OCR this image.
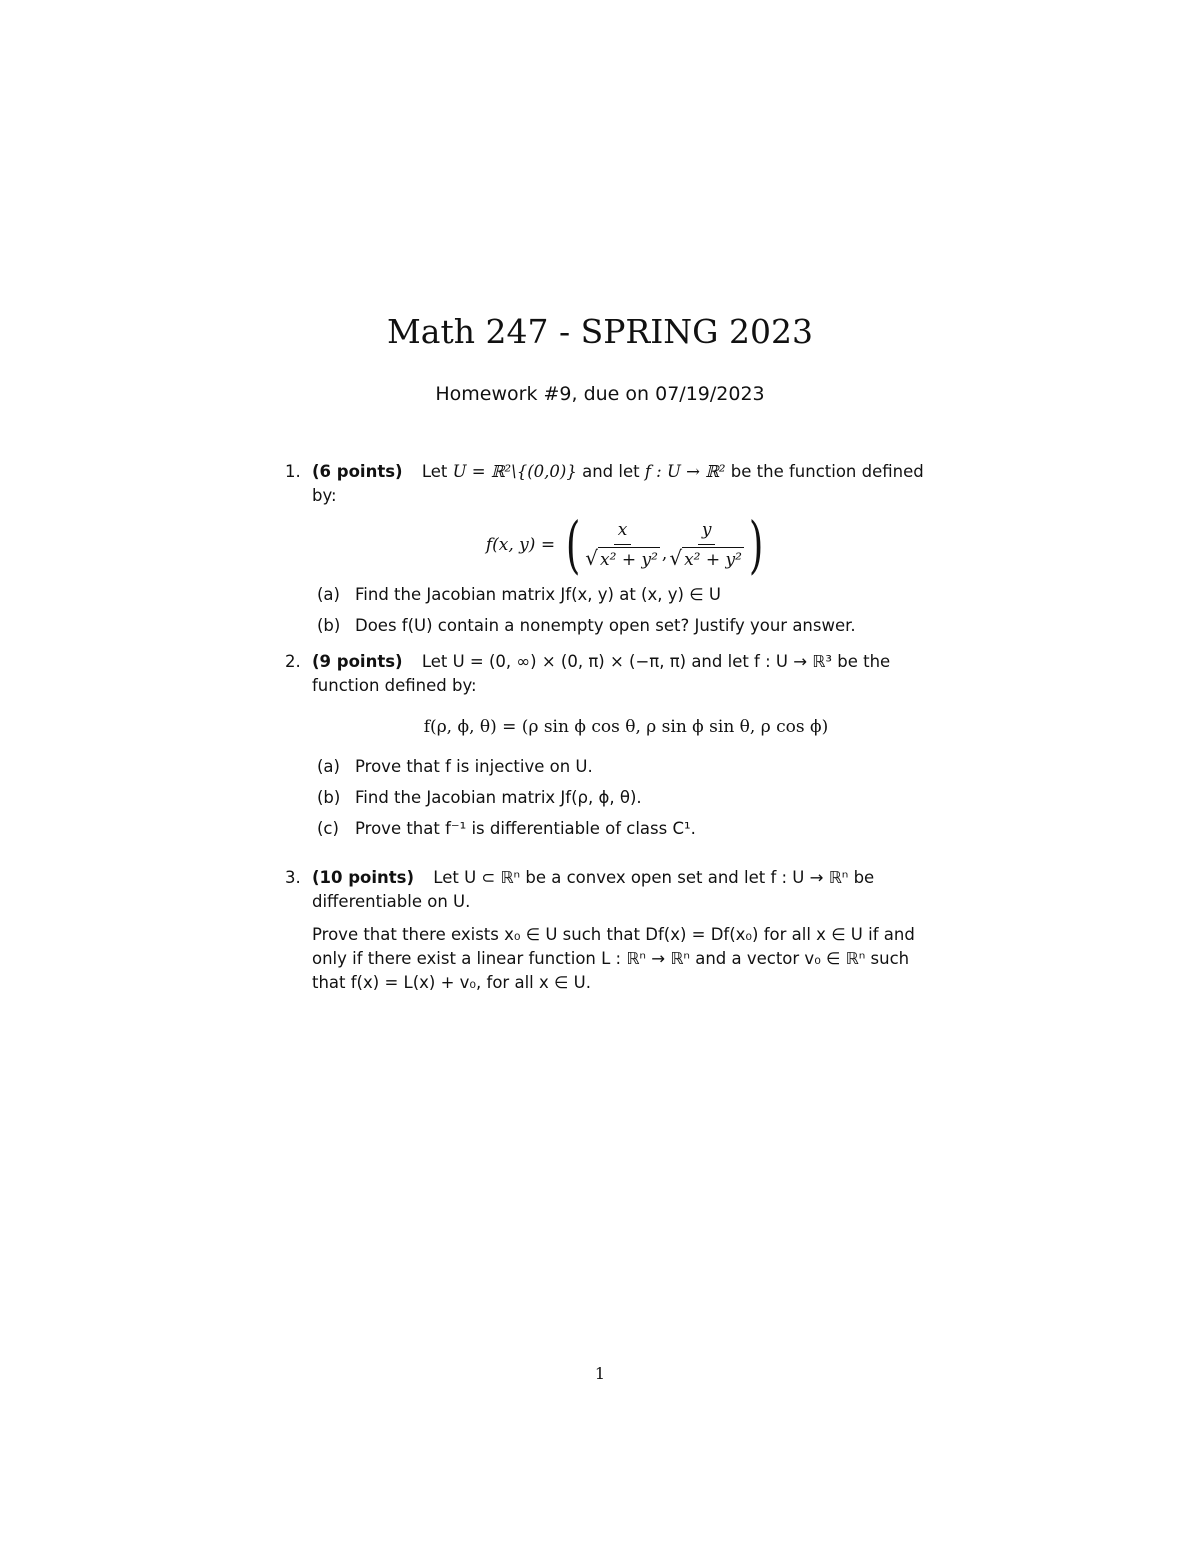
Math 247 - SPRING 2023
Homework #9, due on 07/19/2023
1. (6 points) Let U = ℝ²\{(0,0)} and let f : U → ℝ² be the function defined by:
f(x, y) = ( $\frac{x}{\text{√ x² + y²}}$ , $\frac{y}{\text{√ x² + y²}}$ )
(a) Find the Jacobian matrix Jf(x, y) at (x, y) ∈ U
(b) Does f(U) contain a nonempty open set? Justify your answer.
2. (9 points) Let U = (0, ∞) × (0, π) × (−π, π) and let f : U → ℝ³ be the function defined by:
f(ρ, ϕ, θ) = (ρ sin ϕ cos θ, ρ sin ϕ sin θ, ρ cos ϕ)
(a) Prove that f is injective on U.
(b) Find the Jacobian matrix Jf(ρ, ϕ, θ).
(c) Prove that f⁻¹ is differentiable of class C¹.
3. (10 points) Let U ⊂ ℝⁿ be a convex open set and let f : U → ℝⁿ be differentiable on U.
Prove that there exists x₀ ∈ U such that Df(x) = Df(x₀) for all x ∈ U if and only if there exist a linear function L : ℝⁿ → ℝⁿ and a vector v₀ ∈ ℝⁿ such that f(x) = L(x) + v₀, for all x ∈ U.
1
